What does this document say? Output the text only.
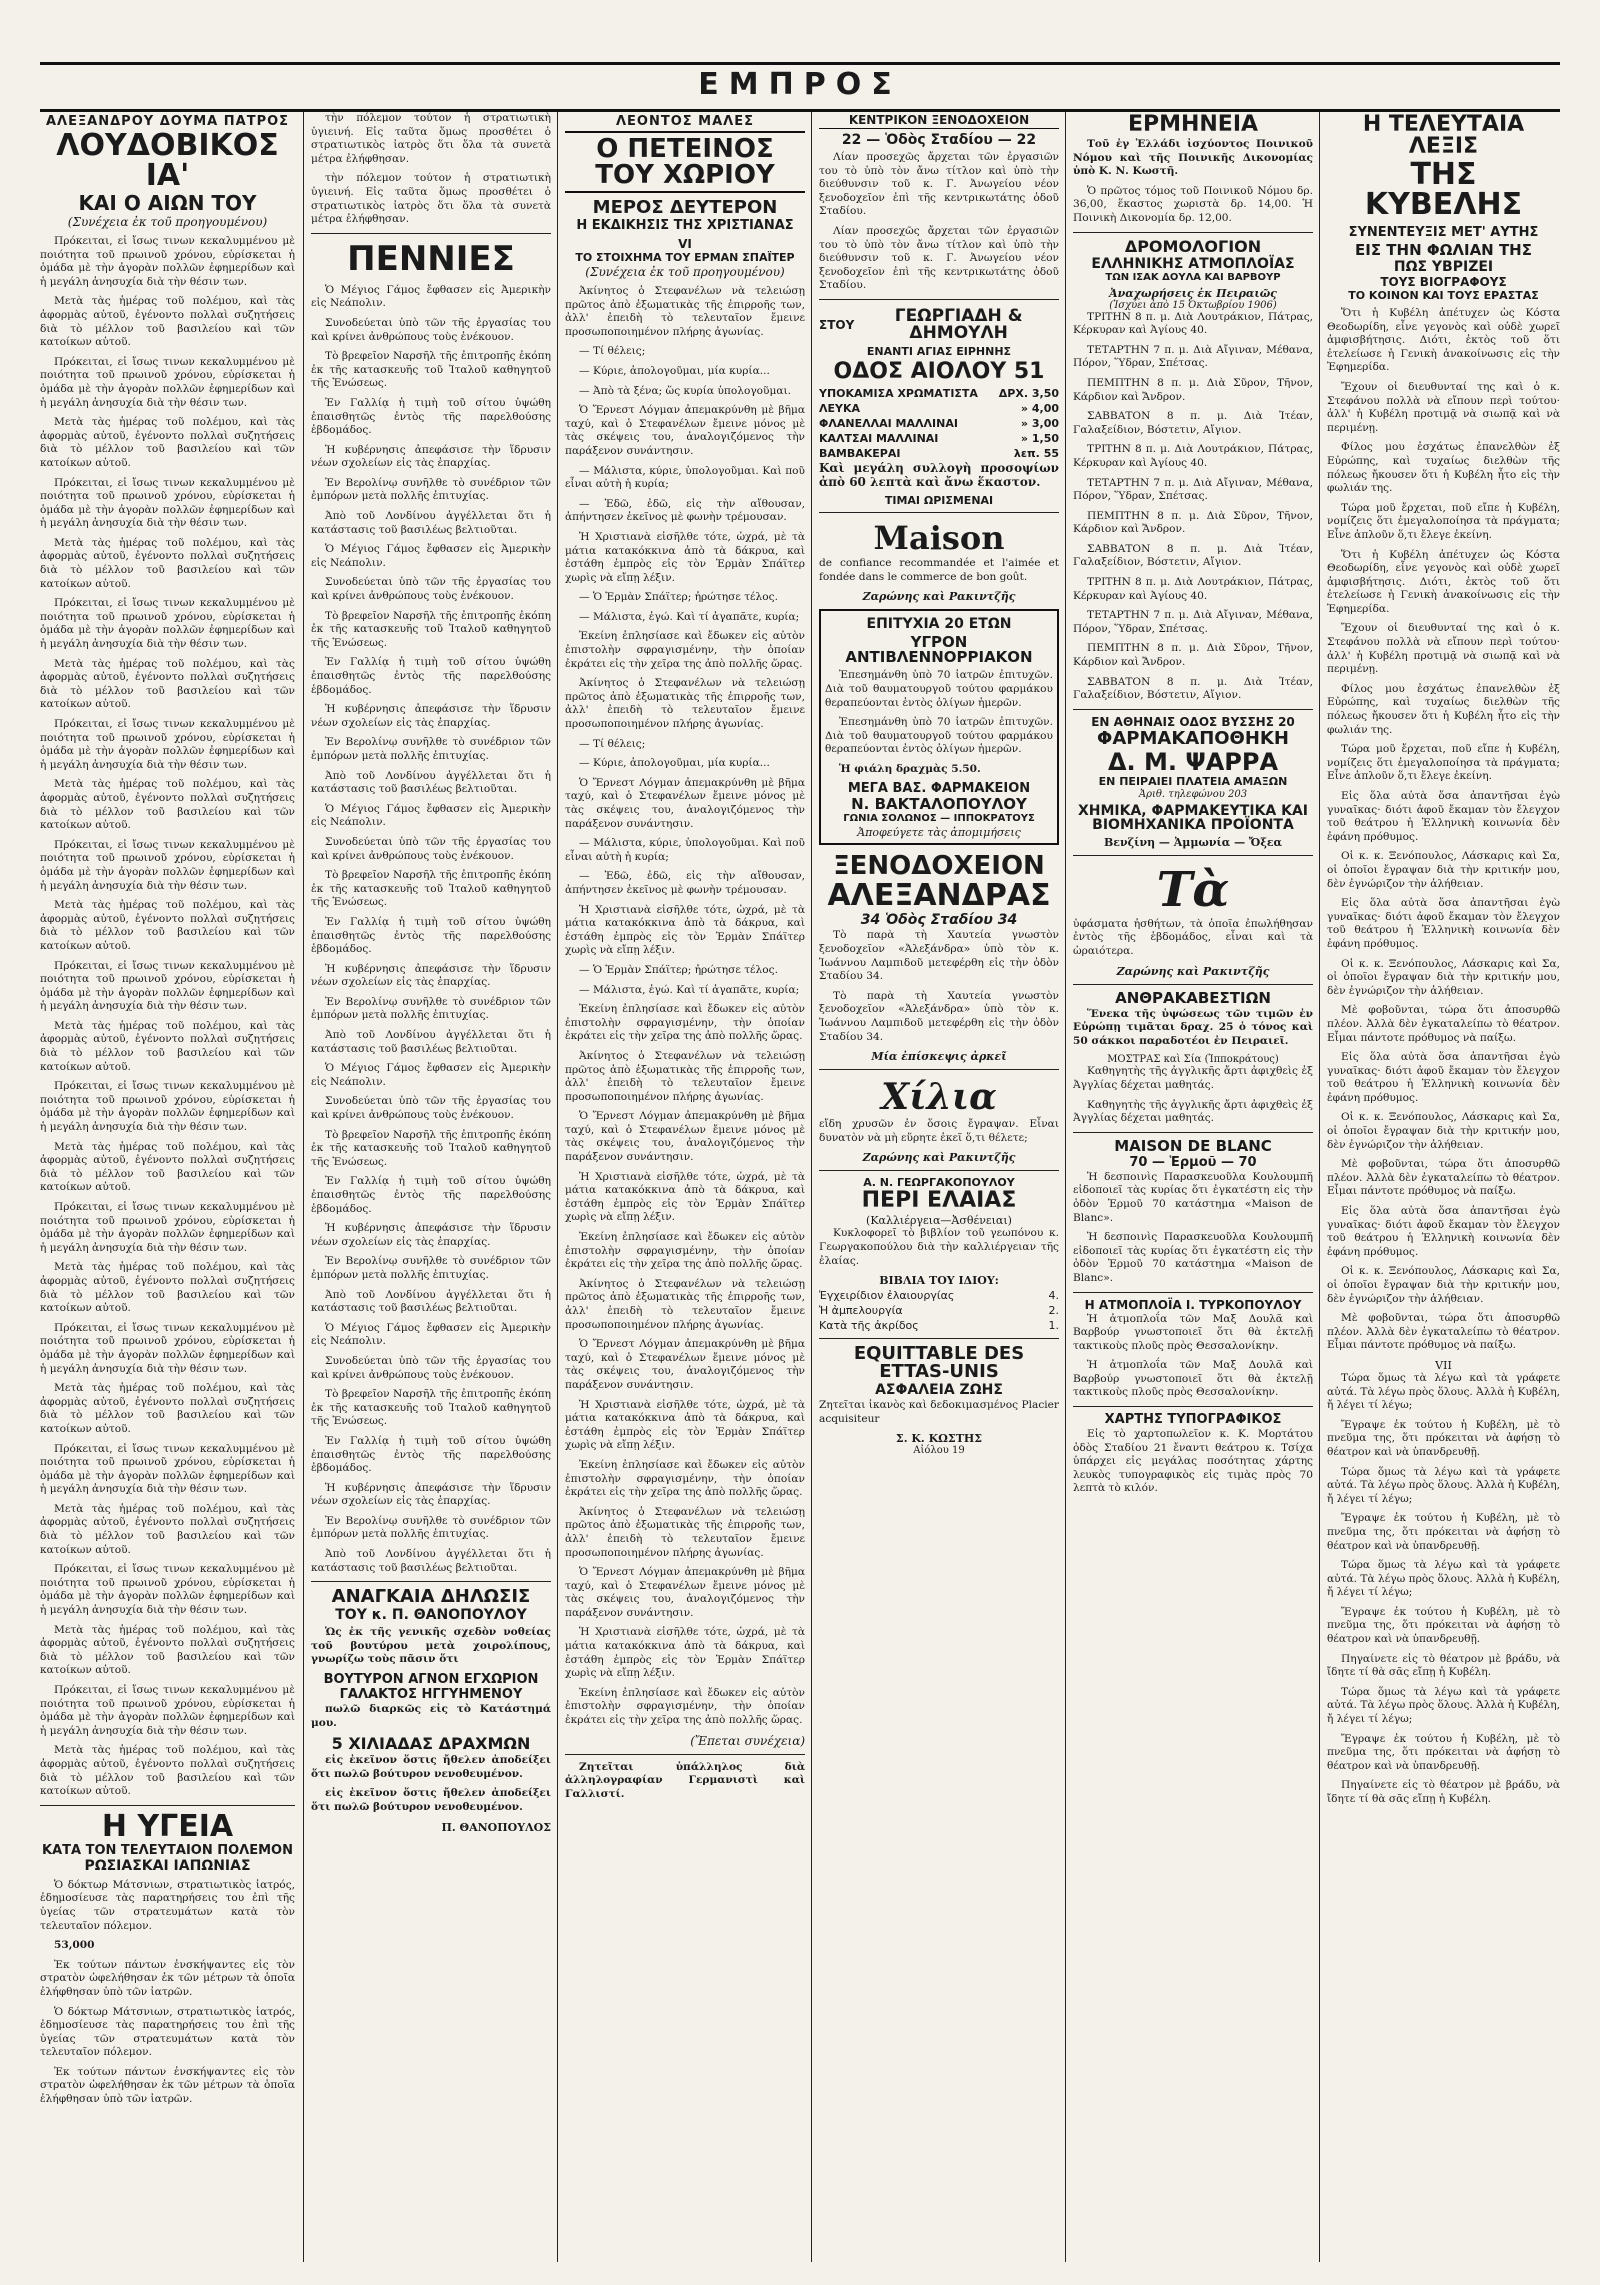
ΕΜΠΡΟΣ
ΑΛΕΞΑΝΔΡΟΥ ΔΟΥΜΑ ΠΑΤΡΟΣ
ΛΟΥΔΟΒΙΚΟΣ ΙΑ'
ΚΑΙ Ο ΑΙΩΝ ΤΟΥ
(Συνέχεια ἐκ τοῦ προηγουμένου)

Πρόκειται, εἰ ἴσως τινων κεκαλυμμένου μὲ ποιότητα τοῦ πρωινοῦ χρόνου, εὑρίσκεται ἡ ὁμάδα μὲ τὴν ἀγορὰν πολλῶν ἐφημερίδων καὶ ἡ μεγάλη ἀνησυχία διὰ τὴν θέσιν των.

Μετὰ τὰς ἡμέρας τοῦ πολέμου, καὶ τὰς ἀφορμὰς αὐτοῦ, ἐγένοντο πολλαὶ συζητήσεις διὰ τὸ μέλλον τοῦ βασιλείου καὶ τῶν κατοίκων αὐτοῦ.

Πρόκειται, εἰ ἴσως τινων κεκαλυμμένου μὲ ποιότητα τοῦ πρωινοῦ χρόνου, εὑρίσκεται ἡ ὁμάδα μὲ τὴν ἀγορὰν πολλῶν ἐφημερίδων καὶ ἡ μεγάλη ἀνησυχία διὰ τὴν θέσιν των.

Μετὰ τὰς ἡμέρας τοῦ πολέμου, καὶ τὰς ἀφορμὰς αὐτοῦ, ἐγένοντο πολλαὶ συζητήσεις διὰ τὸ μέλλον τοῦ βασιλείου καὶ τῶν κατοίκων αὐτοῦ.

Πρόκειται, εἰ ἴσως τινων κεκαλυμμένου μὲ ποιότητα τοῦ πρωινοῦ χρόνου, εὑρίσκεται ἡ ὁμάδα μὲ τὴν ἀγορὰν πολλῶν ἐφημερίδων καὶ ἡ μεγάλη ἀνησυχία διὰ τὴν θέσιν των.

Μετὰ τὰς ἡμέρας τοῦ πολέμου, καὶ τὰς ἀφορμὰς αὐτοῦ, ἐγένοντο πολλαὶ συζητήσεις διὰ τὸ μέλλον τοῦ βασιλείου καὶ τῶν κατοίκων αὐτοῦ.

Πρόκειται, εἰ ἴσως τινων κεκαλυμμένου μὲ ποιότητα τοῦ πρωινοῦ χρόνου, εὑρίσκεται ἡ ὁμάδα μὲ τὴν ἀγορὰν πολλῶν ἐφημερίδων καὶ ἡ μεγάλη ἀνησυχία διὰ τὴν θέσιν των.

Μετὰ τὰς ἡμέρας τοῦ πολέμου, καὶ τὰς ἀφορμὰς αὐτοῦ, ἐγένοντο πολλαὶ συζητήσεις διὰ τὸ μέλλον τοῦ βασιλείου καὶ τῶν κατοίκων αὐτοῦ.

Πρόκειται, εἰ ἴσως τινων κεκαλυμμένου μὲ ποιότητα τοῦ πρωινοῦ χρόνου, εὑρίσκεται ἡ ὁμάδα μὲ τὴν ἀγορὰν πολλῶν ἐφημερίδων καὶ ἡ μεγάλη ἀνησυχία διὰ τὴν θέσιν των.

Μετὰ τὰς ἡμέρας τοῦ πολέμου, καὶ τὰς ἀφορμὰς αὐτοῦ, ἐγένοντο πολλαὶ συζητήσεις διὰ τὸ μέλλον τοῦ βασιλείου καὶ τῶν κατοίκων αὐτοῦ.

Πρόκειται, εἰ ἴσως τινων κεκαλυμμένου μὲ ποιότητα τοῦ πρωινοῦ χρόνου, εὑρίσκεται ἡ ὁμάδα μὲ τὴν ἀγορὰν πολλῶν ἐφημερίδων καὶ ἡ μεγάλη ἀνησυχία διὰ τὴν θέσιν των.

Μετὰ τὰς ἡμέρας τοῦ πολέμου, καὶ τὰς ἀφορμὰς αὐτοῦ, ἐγένοντο πολλαὶ συζητήσεις διὰ τὸ μέλλον τοῦ βασιλείου καὶ τῶν κατοίκων αὐτοῦ.

Πρόκειται, εἰ ἴσως τινων κεκαλυμμένου μὲ ποιότητα τοῦ πρωινοῦ χρόνου, εὑρίσκεται ἡ ὁμάδα μὲ τὴν ἀγορὰν πολλῶν ἐφημερίδων καὶ ἡ μεγάλη ἀνησυχία διὰ τὴν θέσιν των.

Μετὰ τὰς ἡμέρας τοῦ πολέμου, καὶ τὰς ἀφορμὰς αὐτοῦ, ἐγένοντο πολλαὶ συζητήσεις διὰ τὸ μέλλον τοῦ βασιλείου καὶ τῶν κατοίκων αὐτοῦ.

Πρόκειται, εἰ ἴσως τινων κεκαλυμμένου μὲ ποιότητα τοῦ πρωινοῦ χρόνου, εὑρίσκεται ἡ ὁμάδα μὲ τὴν ἀγορὰν πολλῶν ἐφημερίδων καὶ ἡ μεγάλη ἀνησυχία διὰ τὴν θέσιν των.

Μετὰ τὰς ἡμέρας τοῦ πολέμου, καὶ τὰς ἀφορμὰς αὐτοῦ, ἐγένοντο πολλαὶ συζητήσεις διὰ τὸ μέλλον τοῦ βασιλείου καὶ τῶν κατοίκων αὐτοῦ.

Πρόκειται, εἰ ἴσως τινων κεκαλυμμένου μὲ ποιότητα τοῦ πρωινοῦ χρόνου, εὑρίσκεται ἡ ὁμάδα μὲ τὴν ἀγορὰν πολλῶν ἐφημερίδων καὶ ἡ μεγάλη ἀνησυχία διὰ τὴν θέσιν των.

Μετὰ τὰς ἡμέρας τοῦ πολέμου, καὶ τὰς ἀφορμὰς αὐτοῦ, ἐγένοντο πολλαὶ συζητήσεις διὰ τὸ μέλλον τοῦ βασιλείου καὶ τῶν κατοίκων αὐτοῦ.

Πρόκειται, εἰ ἴσως τινων κεκαλυμμένου μὲ ποιότητα τοῦ πρωινοῦ χρόνου, εὑρίσκεται ἡ ὁμάδα μὲ τὴν ἀγορὰν πολλῶν ἐφημερίδων καὶ ἡ μεγάλη ἀνησυχία διὰ τὴν θέσιν των.

Μετὰ τὰς ἡμέρας τοῦ πολέμου, καὶ τὰς ἀφορμὰς αὐτοῦ, ἐγένοντο πολλαὶ συζητήσεις διὰ τὸ μέλλον τοῦ βασιλείου καὶ τῶν κατοίκων αὐτοῦ.

Πρόκειται, εἰ ἴσως τινων κεκαλυμμένου μὲ ποιότητα τοῦ πρωινοῦ χρόνου, εὑρίσκεται ἡ ὁμάδα μὲ τὴν ἀγορὰν πολλῶν ἐφημερίδων καὶ ἡ μεγάλη ἀνησυχία διὰ τὴν θέσιν των.

Μετὰ τὰς ἡμέρας τοῦ πολέμου, καὶ τὰς ἀφορμὰς αὐτοῦ, ἐγένοντο πολλαὶ συζητήσεις διὰ τὸ μέλλον τοῦ βασιλείου καὶ τῶν κατοίκων αὐτοῦ.

Πρόκειται, εἰ ἴσως τινων κεκαλυμμένου μὲ ποιότητα τοῦ πρωινοῦ χρόνου, εὑρίσκεται ἡ ὁμάδα μὲ τὴν ἀγορὰν πολλῶν ἐφημερίδων καὶ ἡ μεγάλη ἀνησυχία διὰ τὴν θέσιν των.

Μετὰ τὰς ἡμέρας τοῦ πολέμου, καὶ τὰς ἀφορμὰς αὐτοῦ, ἐγένοντο πολλαὶ συζητήσεις διὰ τὸ μέλλον τοῦ βασιλείου καὶ τῶν κατοίκων αὐτοῦ.

Πρόκειται, εἰ ἴσως τινων κεκαλυμμένου μὲ ποιότητα τοῦ πρωινοῦ χρόνου, εὑρίσκεται ἡ ὁμάδα μὲ τὴν ἀγορὰν πολλῶν ἐφημερίδων καὶ ἡ μεγάλη ἀνησυχία διὰ τὴν θέσιν των.

Μετὰ τὰς ἡμέρας τοῦ πολέμου, καὶ τὰς ἀφορμὰς αὐτοῦ, ἐγένοντο πολλαὶ συζητήσεις διὰ τὸ μέλλον τοῦ βασιλείου καὶ τῶν κατοίκων αὐτοῦ.

Η ΥΓΕΙΑ
ΚΑΤΑ ΤΟΝ ΤΕΛΕΥΤΑΙΟΝ ΠΟΛΕΜΟΝ
ΡΩΣΙΑΣΚΑΙ ΙΑΠΩΝΙΑΣ

Ὁ δόκτωρ Μάτσνιων, στρατιωτικὸς ἰατρός, ἐδημοσίευσε τὰς παρατηρήσεις του ἐπὶ τῆς ὑγείας τῶν στρατευμάτων κατὰ τὸν τελευταῖον πόλεμον.

53,000

Ἐκ τούτων πάντων ἐνσκήψαντες εἰς τὸν στρατὸν ὠφελήθησαν ἐκ τῶν μέτρων τὰ ὁποῖα ἐλήφθησαν ὑπὸ τῶν ἰατρῶν.

Ὁ δόκτωρ Μάτσνιων, στρατιωτικὸς ἰατρός, ἐδημοσίευσε τὰς παρατηρήσεις του ἐπὶ τῆς ὑγείας τῶν στρατευμάτων κατὰ τὸν τελευταῖον πόλεμον.

Ἐκ τούτων πάντων ἐνσκήψαντες εἰς τὸν στρατὸν ὠφελήθησαν ἐκ τῶν μέτρων τὰ ὁποῖα ἐλήφθησαν ὑπὸ τῶν ἰατρῶν.

τὴν πόλεμον τούτον ἡ στρατιωτικὴ ὑγιεινή. Εἰς ταῦτα ὅμως προσθέτει ὁ στρατιωτικὸς ἰατρὸς ὅτι ὅλα τὰ συνετὰ μέτρα ἐλήφθησαν.

τὴν πόλεμον τούτον ἡ στρατιωτικὴ ὑγιεινή. Εἰς ταῦτα ὅμως προσθέτει ὁ στρατιωτικὸς ἰατρὸς ὅτι ὅλα τὰ συνετὰ μέτρα ἐλήφθησαν.

ΠΕΝΝΙΕΣ

Ὁ Μέγιος Γάμος ἔφθασεν εἰς Ἀμερικὴν εἰς Νεάπολιν.

Συνοδεύεται ὑπὸ τῶν τῆς ἐργασίας του καὶ κρίνει ἀνθρώπους τοὺς ἐνέκουον.

Τὸ βρεφεῖον Ναρσῆλ τῆς ἐπιτροπῆς ἐκόπη ἐκ τῆς κατασκευῆς τοῦ Ἰταλοῦ καθηγητοῦ τῆς Ἑνώσεως.

Ἐν Γαλλίᾳ ἡ τιμὴ τοῦ σίτου ὑψώθη ἐπαισθητῶς ἐντὸς τῆς παρελθούσης ἑβδομάδος.

Ἡ κυβέρνησις ἀπεφάσισε τὴν ἵδρυσιν νέων σχολείων εἰς τὰς ἐπαρχίας.

Ἐν Βερολίνῳ συνῆλθε τὸ συνέδριον τῶν ἐμπόρων μετὰ πολλῆς ἐπιτυχίας.

Ἀπὸ τοῦ Λονδίνου ἀγγέλλεται ὅτι ἡ κατάστασις τοῦ βασιλέως βελτιοῦται.

Ὁ Μέγιος Γάμος ἔφθασεν εἰς Ἀμερικὴν εἰς Νεάπολιν.

Συνοδεύεται ὑπὸ τῶν τῆς ἐργασίας του καὶ κρίνει ἀνθρώπους τοὺς ἐνέκουον.

Τὸ βρεφεῖον Ναρσῆλ τῆς ἐπιτροπῆς ἐκόπη ἐκ τῆς κατασκευῆς τοῦ Ἰταλοῦ καθηγητοῦ τῆς Ἑνώσεως.

Ἐν Γαλλίᾳ ἡ τιμὴ τοῦ σίτου ὑψώθη ἐπαισθητῶς ἐντὸς τῆς παρελθούσης ἑβδομάδος.

Ἡ κυβέρνησις ἀπεφάσισε τὴν ἵδρυσιν νέων σχολείων εἰς τὰς ἐπαρχίας.

Ἐν Βερολίνῳ συνῆλθε τὸ συνέδριον τῶν ἐμπόρων μετὰ πολλῆς ἐπιτυχίας.

Ἀπὸ τοῦ Λονδίνου ἀγγέλλεται ὅτι ἡ κατάστασις τοῦ βασιλέως βελτιοῦται.

Ὁ Μέγιος Γάμος ἔφθασεν εἰς Ἀμερικὴν εἰς Νεάπολιν.

Συνοδεύεται ὑπὸ τῶν τῆς ἐργασίας του καὶ κρίνει ἀνθρώπους τοὺς ἐνέκουον.

Τὸ βρεφεῖον Ναρσῆλ τῆς ἐπιτροπῆς ἐκόπη ἐκ τῆς κατασκευῆς τοῦ Ἰταλοῦ καθηγητοῦ τῆς Ἑνώσεως.

Ἐν Γαλλίᾳ ἡ τιμὴ τοῦ σίτου ὑψώθη ἐπαισθητῶς ἐντὸς τῆς παρελθούσης ἑβδομάδος.

Ἡ κυβέρνησις ἀπεφάσισε τὴν ἵδρυσιν νέων σχολείων εἰς τὰς ἐπαρχίας.

Ἐν Βερολίνῳ συνῆλθε τὸ συνέδριον τῶν ἐμπόρων μετὰ πολλῆς ἐπιτυχίας.

Ἀπὸ τοῦ Λονδίνου ἀγγέλλεται ὅτι ἡ κατάστασις τοῦ βασιλέως βελτιοῦται.

Ὁ Μέγιος Γάμος ἔφθασεν εἰς Ἀμερικὴν εἰς Νεάπολιν.

Συνοδεύεται ὑπὸ τῶν τῆς ἐργασίας του καὶ κρίνει ἀνθρώπους τοὺς ἐνέκουον.

Τὸ βρεφεῖον Ναρσῆλ τῆς ἐπιτροπῆς ἐκόπη ἐκ τῆς κατασκευῆς τοῦ Ἰταλοῦ καθηγητοῦ τῆς Ἑνώσεως.

Ἐν Γαλλίᾳ ἡ τιμὴ τοῦ σίτου ὑψώθη ἐπαισθητῶς ἐντὸς τῆς παρελθούσης ἑβδομάδος.

Ἡ κυβέρνησις ἀπεφάσισε τὴν ἵδρυσιν νέων σχολείων εἰς τὰς ἐπαρχίας.

Ἐν Βερολίνῳ συνῆλθε τὸ συνέδριον τῶν ἐμπόρων μετὰ πολλῆς ἐπιτυχίας.

Ἀπὸ τοῦ Λονδίνου ἀγγέλλεται ὅτι ἡ κατάστασις τοῦ βασιλέως βελτιοῦται.

Ὁ Μέγιος Γάμος ἔφθασεν εἰς Ἀμερικὴν εἰς Νεάπολιν.

Συνοδεύεται ὑπὸ τῶν τῆς ἐργασίας του καὶ κρίνει ἀνθρώπους τοὺς ἐνέκουον.

Τὸ βρεφεῖον Ναρσῆλ τῆς ἐπιτροπῆς ἐκόπη ἐκ τῆς κατασκευῆς τοῦ Ἰταλοῦ καθηγητοῦ τῆς Ἑνώσεως.

Ἐν Γαλλίᾳ ἡ τιμὴ τοῦ σίτου ὑψώθη ἐπαισθητῶς ἐντὸς τῆς παρελθούσης ἑβδομάδος.

Ἡ κυβέρνησις ἀπεφάσισε τὴν ἵδρυσιν νέων σχολείων εἰς τὰς ἐπαρχίας.

Ἐν Βερολίνῳ συνῆλθε τὸ συνέδριον τῶν ἐμπόρων μετὰ πολλῆς ἐπιτυχίας.

Ἀπὸ τοῦ Λονδίνου ἀγγέλλεται ὅτι ἡ κατάστασις τοῦ βασιλέως βελτιοῦται.

ΑΝΑΓΚΑΙΑ ΔΗΛΩΣΙΣ
ΤΟΥ κ. Π. ΘΑΝΟΠΟΥΛΟΥ

Ὡς ἐκ τῆς γενικῆς σχεδὸν νοθείας τοῦ βουτύρου μετὰ χοιρολίπους, γνωρίζω τοὺς πᾶσιν ὅτι

ΒΟΥΤΥΡΟΝ ΑΓΝΟΝ ΕΓΧΩΡΙΟΝ
ΓΑΛΑΚΤΟΣ ΗΓΓΥΗΜΕΝΟΥ

πωλῶ διαρκῶς εἰς τὸ Κατάστημά μου.

5 ΧΙΛΙΑΔΑΣ ΔΡΑΧΜΩΝ

εἰς ἐκεῖνον ὅστις ἤθελεν ἀποδείξει ὅτι πωλῶ βούτυρον νενοθευμένον.

εἰς ἐκεῖνον ὅστις ἤθελεν ἀποδείξει ὅτι πωλῶ βούτυρον νενοθευμένον.

Π. ΘΑΝΟΠΟΥΛΟΣ
ΛΕΟΝΤΟΣ ΜΑΛΕΣ
Ο ΠΕΤΕΙΝΟΣ ΤΟΥ ΧΩΡΙΟΥ
ΜΕΡΟΣ ΔΕΥΤΕΡΟΝ
Η ΕΚΔΙΚΗΣΙΣ ΤΗΣ ΧΡΙΣΤΙΑΝΑΣ
VI
ΤΟ ΣΤΟΙΧΗΜΑ ΤΟΥ ΕΡΜΑΝ ΣΠΑΪΤΕΡ
(Συνέχεια ἐκ τοῦ προηγουμένου)

Ἀκίνητος ὁ Στεφανέλων νὰ τελειώσῃ πρῶτος ἀπὸ ἐξωματικὰς τῆς ἐπιρροῆς των, ἀλλ' ἐπειδὴ τὸ τελευταῖον ἔμεινε προσωποποιημένον πλήρης ἀγωνίας.

— Τί θέλεις;

— Κύριε, ἀπολογοῦμαι, μία κυρία...

— Ἀπὸ τὰ ξένα; ὥς κυρία ὑπολογοῦμαι.

Ὁ Ἔρνεστ Λόγμαν ἀπεμακρύνθη μὲ βῆμα ταχύ, καὶ ὁ Στεφανέλων ἔμεινε μόνος μὲ τὰς σκέψεις του, ἀναλογιζόμενος τὴν παράξενον συνάντησιν.

— Μάλιστα, κύριε, ὑπολογοῦμαι. Καὶ ποῦ εἶναι αὐτὴ ἡ κυρία;

— Ἐδῶ, ἐδῶ, εἰς τὴν αἴθουσαν, ἀπήντησεν ἐκεῖνος μὲ φωνὴν τρέμουσαν.

Ἡ Χριστιανὰ εἰσῆλθε τότε, ὠχρά, μὲ τὰ μάτια κατακόκκινα ἀπὸ τὰ δάκρυα, καὶ ἐστάθη ἐμπρὸς εἰς τὸν Ἑρμὰν Σπάϊτερ χωρὶς νὰ εἴπῃ λέξιν.

— Ὁ Ἑρμὰν Σπάϊτερ; ἠρώτησε τέλος.

— Μάλιστα, ἐγώ. Καὶ τί ἀγαπᾶτε, κυρία;

Ἐκείνη ἐπλησίασε καὶ ἔδωκεν εἰς αὐτὸν ἐπιστολὴν σφραγισμένην, τὴν ὁποίαν ἐκράτει εἰς τὴν χεῖρα της ἀπὸ πολλῆς ὥρας.

Ἀκίνητος ὁ Στεφανέλων νὰ τελειώσῃ πρῶτος ἀπὸ ἐξωματικὰς τῆς ἐπιρροῆς των, ἀλλ' ἐπειδὴ τὸ τελευταῖον ἔμεινε προσωποποιημένον πλήρης ἀγωνίας.

— Τί θέλεις;

— Κύριε, ἀπολογοῦμαι, μία κυρία...

Ὁ Ἔρνεστ Λόγμαν ἀπεμακρύνθη μὲ βῆμα ταχύ, καὶ ὁ Στεφανέλων ἔμεινε μόνος μὲ τὰς σκέψεις του, ἀναλογιζόμενος τὴν παράξενον συνάντησιν.

— Μάλιστα, κύριε, ὑπολογοῦμαι. Καὶ ποῦ εἶναι αὐτὴ ἡ κυρία;

— Ἐδῶ, ἐδῶ, εἰς τὴν αἴθουσαν, ἀπήντησεν ἐκεῖνος μὲ φωνὴν τρέμουσαν.

Ἡ Χριστιανὰ εἰσῆλθε τότε, ὠχρά, μὲ τὰ μάτια κατακόκκινα ἀπὸ τὰ δάκρυα, καὶ ἐστάθη ἐμπρὸς εἰς τὸν Ἑρμὰν Σπάϊτερ χωρὶς νὰ εἴπῃ λέξιν.

— Ὁ Ἑρμὰν Σπάϊτερ; ἠρώτησε τέλος.

— Μάλιστα, ἐγώ. Καὶ τί ἀγαπᾶτε, κυρία;

Ἐκείνη ἐπλησίασε καὶ ἔδωκεν εἰς αὐτὸν ἐπιστολὴν σφραγισμένην, τὴν ὁποίαν ἐκράτει εἰς τὴν χεῖρα της ἀπὸ πολλῆς ὥρας.

Ἀκίνητος ὁ Στεφανέλων νὰ τελειώσῃ πρῶτος ἀπὸ ἐξωματικὰς τῆς ἐπιρροῆς των, ἀλλ' ἐπειδὴ τὸ τελευταῖον ἔμεινε προσωποποιημένον πλήρης ἀγωνίας.

Ὁ Ἔρνεστ Λόγμαν ἀπεμακρύνθη μὲ βῆμα ταχύ, καὶ ὁ Στεφανέλων ἔμεινε μόνος μὲ τὰς σκέψεις του, ἀναλογιζόμενος τὴν παράξενον συνάντησιν.

Ἡ Χριστιανὰ εἰσῆλθε τότε, ὠχρά, μὲ τὰ μάτια κατακόκκινα ἀπὸ τὰ δάκρυα, καὶ ἐστάθη ἐμπρὸς εἰς τὸν Ἑρμὰν Σπάϊτερ χωρὶς νὰ εἴπῃ λέξιν.

Ἐκείνη ἐπλησίασε καὶ ἔδωκεν εἰς αὐτὸν ἐπιστολὴν σφραγισμένην, τὴν ὁποίαν ἐκράτει εἰς τὴν χεῖρα της ἀπὸ πολλῆς ὥρας.

Ἀκίνητος ὁ Στεφανέλων νὰ τελειώσῃ πρῶτος ἀπὸ ἐξωματικὰς τῆς ἐπιρροῆς των, ἀλλ' ἐπειδὴ τὸ τελευταῖον ἔμεινε προσωποποιημένον πλήρης ἀγωνίας.

Ὁ Ἔρνεστ Λόγμαν ἀπεμακρύνθη μὲ βῆμα ταχύ, καὶ ὁ Στεφανέλων ἔμεινε μόνος μὲ τὰς σκέψεις του, ἀναλογιζόμενος τὴν παράξενον συνάντησιν.

Ἡ Χριστιανὰ εἰσῆλθε τότε, ὠχρά, μὲ τὰ μάτια κατακόκκινα ἀπὸ τὰ δάκρυα, καὶ ἐστάθη ἐμπρὸς εἰς τὸν Ἑρμὰν Σπάϊτερ χωρὶς νὰ εἴπῃ λέξιν.

Ἐκείνη ἐπλησίασε καὶ ἔδωκεν εἰς αὐτὸν ἐπιστολὴν σφραγισμένην, τὴν ὁποίαν ἐκράτει εἰς τὴν χεῖρα της ἀπὸ πολλῆς ὥρας.

Ἀκίνητος ὁ Στεφανέλων νὰ τελειώσῃ πρῶτος ἀπὸ ἐξωματικὰς τῆς ἐπιρροῆς των, ἀλλ' ἐπειδὴ τὸ τελευταῖον ἔμεινε προσωποποιημένον πλήρης ἀγωνίας.

Ὁ Ἔρνεστ Λόγμαν ἀπεμακρύνθη μὲ βῆμα ταχύ, καὶ ὁ Στεφανέλων ἔμεινε μόνος μὲ τὰς σκέψεις του, ἀναλογιζόμενος τὴν παράξενον συνάντησιν.

Ἡ Χριστιανὰ εἰσῆλθε τότε, ὠχρά, μὲ τὰ μάτια κατακόκκινα ἀπὸ τὰ δάκρυα, καὶ ἐστάθη ἐμπρὸς εἰς τὸν Ἑρμὰν Σπάϊτερ χωρὶς νὰ εἴπῃ λέξιν.

Ἐκείνη ἐπλησίασε καὶ ἔδωκεν εἰς αὐτὸν ἐπιστολὴν σφραγισμένην, τὴν ὁποίαν ἐκράτει εἰς τὴν χεῖρα της ἀπὸ πολλῆς ὥρας.

(Ἔπεται συνέχεια)

Ζητεῖται ὑπάλληλος διὰ ἀλληλογραφίαν Γερμανιστὶ καὶ Γαλλιστί.

ΚΕΝΤΡΙΚΟΝ ΞΕΝΟΔΟΧΕΙΟΝ
22 — Ὁδὸς Σταδίου — 22

Λίαν προσεχῶς ἄρχεται τῶν ἐργασιῶν του τὸ ὑπὸ τὸν ἄνω τίτλον καὶ ὑπὸ τὴν διεύθυνσιν τοῦ κ. Γ. Ἀνωγείου νέον ξενοδοχεῖον ἐπὶ τῆς κεντρικωτάτης ὁδοῦ Σταδίου.

Λίαν προσεχῶς ἄρχεται τῶν ἐργασιῶν του τὸ ὑπὸ τὸν ἄνω τίτλον καὶ ὑπὸ τὴν διεύθυνσιν τοῦ κ. Γ. Ἀνωγείου νέον ξενοδοχεῖον ἐπὶ τῆς κεντρικωτάτης ὁδοῦ Σταδίου.

ΣΤΟΥ	ΓΕΩΡΓΙΑΔΗ & ΔΗΜΟΥΛΗ
ΕΝΑΝΤΙ ΑΓΙΑΣ ΕΙΡΗΝΗΣ
ΟΔΟΣ ΑΙΟΛΟΥ 51
ΥΠΟΚΑΜΙΣΑ ΧΡΩΜΑΤΙΣΤΑ ΔΡΧ. 3,50
ΛΕΥΚΑ	» 4,00
ΦΛΑΝΕΛΛΑΙ ΜΑΛΛΙΝΑΙ	» 3,00
ΚΑΛΤΣΑΙ ΜΑΛΛΙΝΑΙ	» 1,50
ΒΑΜΒΑΚΕΡΑΙ	λεπ. 55

Καὶ μεγάλη συλλογὴ προσοψίων ἀπὸ 60 λεπτὰ καὶ ἄνω ἕκαστον.

ΤΙΜΑΙ ΩΡΙΣΜΕΝΑΙ
Maison

de confiance recommandée et l'aimée et fondée dans le commerce de bon goût.

Ζαρώνης καὶ Ρακιντζῆς
ΕΠΙΤΥΧΙΑ 20 ΕΤΩΝ
ΥΓΡΟΝ ΑΝΤΙΒΛΕΝΝΟΡΡΙΑΚΟΝ

Ἐπεσημάνθη ὑπὸ 70 ἰατρῶν ἐπιτυχῶν. Διὰ τοῦ θαυματουργοῦ τούτου φαρμάκου θεραπεύονται ἐντὸς ὀλίγων ἡμερῶν.

Ἐπεσημάνθη ὑπὸ 70 ἰατρῶν ἐπιτυχῶν. Διὰ τοῦ θαυματουργοῦ τούτου φαρμάκου θεραπεύονται ἐντὸς ὀλίγων ἡμερῶν.

Ἡ φιάλη δραχμὰς 5.50.

ΜΕΓΑ ΒΑΣ. ΦΑΡΜΑΚΕΙΟΝ
Ν. ΒΑΚΤΑΛΟΠΟΥΛΟΥ
ΓΩΝΙΑ ΣΟΛΩΝΟΣ — ΙΠΠΟΚΡΑΤΟΥΣ
Ἀποφεύγετε τὰς ἀπομιμήσεις
ΞΕΝΟΔΟΧΕΙΟΝ
ΑΛΕΞΑΝΔΡΑΣ
34 Ὁδὸς Σταδίου 34

Τὸ παρὰ τὴ Χαυτεία γνωστὸν ξενοδοχεῖον «Ἀλεξάνδρα» ὑπὸ τὸν κ. Ἰωάννου Λαμπιδοῦ μετεφέρθη εἰς τὴν ὁδὸν Σταδίου 34.

Τὸ παρὰ τὴ Χαυτεία γνωστὸν ξενοδοχεῖον «Ἀλεξάνδρα» ὑπὸ τὸν κ. Ἰωάννου Λαμπιδοῦ μετεφέρθη εἰς τὴν ὁδὸν Σταδίου 34.

Μία ἐπίσκεψις ἀρκεῖ
Χίλια

εἴδη χρυσῶν ἐν ὅσοις ἔγραψαν. Εἶναι δυνατὸν νὰ μὴ εὕρητε ἐκεῖ ὅ,τι θέλετε;

Ζαρώνης καὶ Ρακιντζῆς
Α. Ν. ΓΕΩΡΓΑΚΟΠΟΥΛΟΥ
ΠΕΡΙ ΕΛΑΙΑΣ
(Καλλιέργεια—Ἀσθένειαι)

Κυκλοφορεῖ τὸ βιβλίον τοῦ γεωπόνου κ. Γεωργακοπούλου διὰ τὴν καλλιέργειαν τῆς ἐλαίας.

ΒΙΒΛΙΑ ΤΟΥ ΙΔΙΟΥ:
Ἐγχειρίδιον ἐλαιουργίας	4.
Ἡ ἀμπελουργία	2.
Κατὰ τῆς ἀκρίδος	1.
EQUITTABLE DES ETTAS-UNIS
ΑΣΦΑΛΕΙΑ ΖΩΗΣ

Ζητεῖται ἱκανὸς καὶ δεδοκιμασμένος Placier acquisiteur

Σ. Κ. ΚΩΣΤΗΣ
Αἰόλου 19
ΕΡΜΗΝΕΙΑ

Τοῦ ἐγ Ἑλλάδι ἰσχύοντος Ποινικοῦ Νόμου καὶ τῆς Ποινικῆς Δικονομίας ὑπὸ Κ. Ν. Κωστῆ.

Ὁ πρῶτος τόμος τοῦ Ποινικοῦ Νόμου δρ. 36,00, ἕκαστος χωριστὰ δρ. 14,00. Ἡ Ποινικὴ Δικονομία δρ. 12,00.

ΔΡΟΜΟΛΟΓΙΟΝ
ΕΛΛΗΝΙΚΗΣ ΑΤΜΟΠΛΟΪΑΣ
ΤΩΝ ΙΣΑΚ ΔΟΥΛΑ ΚΑΙ ΒΑΡΒΟΥΡ
Ἀναχωρήσεις ἐκ Πειραιῶς
(Ἰσχύει ἀπὸ 15 Ὀκτωβρίου 1906)

ΤΡΙΤΗΝ 8 π. μ. Διὰ Λουτράκιον, Πάτρας, Κέρκυραν καὶ Ἀγίους 40.

ΤΕΤΑΡΤΗΝ 7 π. μ. Διὰ Αἴγιναν, Μέθανα, Πόρον, Ὕδραν, Σπέτσας.

ΠΕΜΠΤΗΝ 8 π. μ. Διὰ Σῦρον, Τῆνον, Κάρδιον καὶ Ἄνδρον.

ΣΑΒΒΑΤΟΝ 8 π. μ. Διὰ Ἰτέαν, Γαλαξείδιον, Βόστετιν, Αἴγιον.

ΤΡΙΤΗΝ 8 π. μ. Διὰ Λουτράκιον, Πάτρας, Κέρκυραν καὶ Ἀγίους 40.

ΤΕΤΑΡΤΗΝ 7 π. μ. Διὰ Αἴγιναν, Μέθανα, Πόρον, Ὕδραν, Σπέτσας.

ΠΕΜΠΤΗΝ 8 π. μ. Διὰ Σῦρον, Τῆνον, Κάρδιον καὶ Ἄνδρον.

ΣΑΒΒΑΤΟΝ 8 π. μ. Διὰ Ἰτέαν, Γαλαξείδιον, Βόστετιν, Αἴγιον.

ΤΡΙΤΗΝ 8 π. μ. Διὰ Λουτράκιον, Πάτρας, Κέρκυραν καὶ Ἀγίους 40.

ΤΕΤΑΡΤΗΝ 7 π. μ. Διὰ Αἴγιναν, Μέθανα, Πόρον, Ὕδραν, Σπέτσας.

ΠΕΜΠΤΗΝ 8 π. μ. Διὰ Σῦρον, Τῆνον, Κάρδιον καὶ Ἄνδρον.

ΣΑΒΒΑΤΟΝ 8 π. μ. Διὰ Ἰτέαν, Γαλαξείδιον, Βόστετιν, Αἴγιον.

ΕΝ ΑΘΗΝΑΙΣ ΟΔΟΣ ΒΥΣΣΗΣ 20
ΦΑΡΜΑΚΑΠΟΘΗΚΗ
Δ. Μ. ΨΑΡΡΑ
ΕΝ ΠΕΙΡΑΙΕΙ ΠΛΑΤΕΙΑ ΑΜΑΞΩΝ
Ἀριθ. τηλεφώνου 203
ΧΗΜΙΚΑ, ΦΑΡΜΑΚΕΥΤΙΚΑ ΚΑΙ ΒΙΟΜΗΧΑΝΙΚΑ ΠΡΟΪΟΝΤΑ
Βενζίνη — Ἀμμωνία — Ὄξεα
Τὰ

ὑφάσματα ἠσθήτων, τὰ ὁποῖα ἐπωλήθησαν ἐντὸς τῆς ἑβδομάδος, εἶναι καὶ τὰ ὡραιότερα.

Ζαρώνης καὶ Ρακιντζῆς
ΑΝΘΡΑΚΑΒΕΣΤΙΩΝ

Ἕνεκα τῆς ὑψώσεως τῶν τιμῶν ἐν Εὐρώπῃ τιμᾶται δραχ. 25 ὁ τόνος καὶ 50 σάκκοι παραδοτέοι ἐν Πειραιεῖ.

ΜΟΣΤΡΑΣ καὶ Σία (Ἱπποκράτους)

Καθηγητὴς τῆς ἀγγλικῆς ἄρτι ἀφιχθεὶς ἐξ Ἀγγλίας δέχεται μαθητάς.

Καθηγητὴς τῆς ἀγγλικῆς ἄρτι ἀφιχθεὶς ἐξ Ἀγγλίας δέχεται μαθητάς.

MAISON DE BLANC
70 — Ἑρμοῦ — 70

Ἡ δεσποινὶς Παρασκευοῦλα Κουλουμπῆ εἰδοποιεῖ τὰς κυρίας ὅτι ἐγκατέστη εἰς τὴν ὁδὸν Ἑρμοῦ 70 κατάστημα «Maison de Blanc».

Ἡ δεσποινὶς Παρασκευοῦλα Κουλουμπῆ εἰδοποιεῖ τὰς κυρίας ὅτι ἐγκατέστη εἰς τὴν ὁδὸν Ἑρμοῦ 70 κατάστημα «Maison de Blanc».

Η ΑΤΜΟΠΛΟΪΑ Ι. ΤΥΡΚΟΠΟΥΛΟΥ

Ἡ ἀτμοπλοΐα τῶν Μαξ Δουλᾶ καὶ Βαρβούρ γνωστοποιεῖ ὅτι θὰ ἐκτελῇ τακτικοὺς πλοῦς πρὸς Θεσσαλονίκην.

Ἡ ἀτμοπλοΐα τῶν Μαξ Δουλᾶ καὶ Βαρβούρ γνωστοποιεῖ ὅτι θὰ ἐκτελῇ τακτικοὺς πλοῦς πρὸς Θεσσαλονίκην.

ΧΑΡΤΗΣ ΤΥΠΟΓΡΑΦΙΚΟΣ

Εἰς τὸ χαρτοπωλεῖον κ. Κ. Μορτάτου ὁδὸς Σταδίου 21 ἔναντι θεάτρου κ. Τσίχα ὑπάρχει εἰς μεγάλας ποσότητας χάρτης λευκὸς τυπογραφικὸς εἰς τιμὰς πρὸς 70 λεπτὰ τὸ κιλόν.

Η ΤΕΛΕΥΤΑΙΑ ΛΕΞΙΣ
ΤΗΣ ΚΥΒΕΛΗΣ
ΣΥΝΕΝΤΕΥΞΙΣ ΜΕΤ' ΑΥΤΗΣ
ΕΙΣ ΤΗΝ ΦΩΛΙΑΝ ΤΗΣ
ΠΩΣ ΥΒΡΙΖΕΙ
ΤΟΥΣ ΒΙΟΓΡΑΦΟΥΣ
ΤΟ ΚΟΙΝΟΝ ΚΑΙ ΤΟΥΣ ΕΡΑΣΤΑΣ

Ὅτι ἡ Κυβέλη ἀπέτυχεν ὡς Κόστα Θεοδωρίδη, εἶνε γεγονὸς καὶ οὐδὲ χωρεῖ ἀμφισβήτησις. Διότι, ἐκτὸς τοῦ ὅτι ἐτελείωσε ἡ Γενικὴ ἀνακοίνωσις εἰς τὴν Ἐφημερίδα.

Ἔχουν οἱ διευθυνταί της καὶ ὁ κ. Στεφάνου πολλὰ νὰ εἴπουν περὶ τούτου· ἀλλ' ἡ Κυβέλη προτιμᾷ νὰ σιωπᾷ καὶ νὰ περιμένῃ.

Φίλος μου ἐσχάτως ἐπανελθὼν ἐξ Εὐρώπης, καὶ τυχαίως διελθὼν τῆς πόλεως ἤκουσεν ὅτι ἡ Κυβέλη ἦτο εἰς τὴν φωλιάν της.

Τώρα μοῦ ἔρχεται, ποῦ εἴπε ἡ Κυβέλη, νομίζεις ὅτι ἐμεγαλοποίησα τὰ πράγματα; Εἶνε ἁπλοῦν ὅ,τι ἔλεγε ἐκείνη.

Ὅτι ἡ Κυβέλη ἀπέτυχεν ὡς Κόστα Θεοδωρίδη, εἶνε γεγονὸς καὶ οὐδὲ χωρεῖ ἀμφισβήτησις. Διότι, ἐκτὸς τοῦ ὅτι ἐτελείωσε ἡ Γενικὴ ἀνακοίνωσις εἰς τὴν Ἐφημερίδα.

Ἔχουν οἱ διευθυνταί της καὶ ὁ κ. Στεφάνου πολλὰ νὰ εἴπουν περὶ τούτου· ἀλλ' ἡ Κυβέλη προτιμᾷ νὰ σιωπᾷ καὶ νὰ περιμένῃ.

Φίλος μου ἐσχάτως ἐπανελθὼν ἐξ Εὐρώπης, καὶ τυχαίως διελθὼν τῆς πόλεως ἤκουσεν ὅτι ἡ Κυβέλη ἦτο εἰς τὴν φωλιάν της.

Τώρα μοῦ ἔρχεται, ποῦ εἴπε ἡ Κυβέλη, νομίζεις ὅτι ἐμεγαλοποίησα τὰ πράγματα; Εἶνε ἁπλοῦν ὅ,τι ἔλεγε ἐκείνη.

Εἰς ὅλα αὐτὰ ὅσα ἀπαντῆσαι ἐγὼ γυναῖκας· διότι ἀφοῦ ἔκαμαν τὸν ἔλεγχον τοῦ θεάτρου ἡ Ἑλληνικὴ κοινωνία δὲν ἐφάνη πρόθυμος.

Οἱ κ. κ. Ξενόπουλος, Λάσκαρις καὶ Σα, οἱ ὁποῖοι ἔγραψαν διὰ τὴν κριτικήν μου, δὲν ἐγνώριζον τὴν ἀλήθειαν.

Εἰς ὅλα αὐτὰ ὅσα ἀπαντῆσαι ἐγὼ γυναῖκας· διότι ἀφοῦ ἔκαμαν τὸν ἔλεγχον τοῦ θεάτρου ἡ Ἑλληνικὴ κοινωνία δὲν ἐφάνη πρόθυμος.

Οἱ κ. κ. Ξενόπουλος, Λάσκαρις καὶ Σα, οἱ ὁποῖοι ἔγραψαν διὰ τὴν κριτικήν μου, δὲν ἐγνώριζον τὴν ἀλήθειαν.

Μὲ φοβοῦνται, τώρα ὅτι ἀποσυρθῶ πλέον. Ἀλλὰ δὲν ἐγκαταλείπω τὸ θέατρον. Εἶμαι πάντοτε πρόθυμος νὰ παίξω.

Εἰς ὅλα αὐτὰ ὅσα ἀπαντῆσαι ἐγὼ γυναῖκας· διότι ἀφοῦ ἔκαμαν τὸν ἔλεγχον τοῦ θεάτρου ἡ Ἑλληνικὴ κοινωνία δὲν ἐφάνη πρόθυμος.

Οἱ κ. κ. Ξενόπουλος, Λάσκαρις καὶ Σα, οἱ ὁποῖοι ἔγραψαν διὰ τὴν κριτικήν μου, δὲν ἐγνώριζον τὴν ἀλήθειαν.

Μὲ φοβοῦνται, τώρα ὅτι ἀποσυρθῶ πλέον. Ἀλλὰ δὲν ἐγκαταλείπω τὸ θέατρον. Εἶμαι πάντοτε πρόθυμος νὰ παίξω.

Εἰς ὅλα αὐτὰ ὅσα ἀπαντῆσαι ἐγὼ γυναῖκας· διότι ἀφοῦ ἔκαμαν τὸν ἔλεγχον τοῦ θεάτρου ἡ Ἑλληνικὴ κοινωνία δὲν ἐφάνη πρόθυμος.

Οἱ κ. κ. Ξενόπουλος, Λάσκαρις καὶ Σα, οἱ ὁποῖοι ἔγραψαν διὰ τὴν κριτικήν μου, δὲν ἐγνώριζον τὴν ἀλήθειαν.

Μὲ φοβοῦνται, τώρα ὅτι ἀποσυρθῶ πλέον. Ἀλλὰ δὲν ἐγκαταλείπω τὸ θέατρον. Εἶμαι πάντοτε πρόθυμος νὰ παίξω.

VII

Τώρα ὅμως τὰ λέγω καὶ τὰ γράφετε αὐτά. Τὰ λέγω πρὸς ὅλους. Ἀλλὰ ἡ Κυβέλη, ἤ λέγει τί λέγω;

Ἔγραψε ἐκ τούτου ἡ Κυβέλη, μὲ τὸ πνεῦμα της, ὅτι πρόκειται νὰ ἀφήσῃ τὸ θέατρον καὶ νὰ ὑπανδρευθῇ.

Τώρα ὅμως τὰ λέγω καὶ τὰ γράφετε αὐτά. Τὰ λέγω πρὸς ὅλους. Ἀλλὰ ἡ Κυβέλη, ἤ λέγει τί λέγω;

Ἔγραψε ἐκ τούτου ἡ Κυβέλη, μὲ τὸ πνεῦμα της, ὅτι πρόκειται νὰ ἀφήσῃ τὸ θέατρον καὶ νὰ ὑπανδρευθῇ.

Τώρα ὅμως τὰ λέγω καὶ τὰ γράφετε αὐτά. Τὰ λέγω πρὸς ὅλους. Ἀλλὰ ἡ Κυβέλη, ἤ λέγει τί λέγω;

Ἔγραψε ἐκ τούτου ἡ Κυβέλη, μὲ τὸ πνεῦμα της, ὅτι πρόκειται νὰ ἀφήσῃ τὸ θέατρον καὶ νὰ ὑπανδρευθῇ.

Πηγαίνετε εἰς τὸ θέατρον μὲ βράδυ, νὰ ἴδητε τί θὰ σᾶς εἴπῃ ἡ Κυβέλη.

Τώρα ὅμως τὰ λέγω καὶ τὰ γράφετε αὐτά. Τὰ λέγω πρὸς ὅλους. Ἀλλὰ ἡ Κυβέλη, ἤ λέγει τί λέγω;

Ἔγραψε ἐκ τούτου ἡ Κυβέλη, μὲ τὸ πνεῦμα της, ὅτι πρόκειται νὰ ἀφήσῃ τὸ θέατρον καὶ νὰ ὑπανδρευθῇ.

Πηγαίνετε εἰς τὸ θέατρον μὲ βράδυ, νὰ ἴδητε τί θὰ σᾶς εἴπῃ ἡ Κυβέλη.
